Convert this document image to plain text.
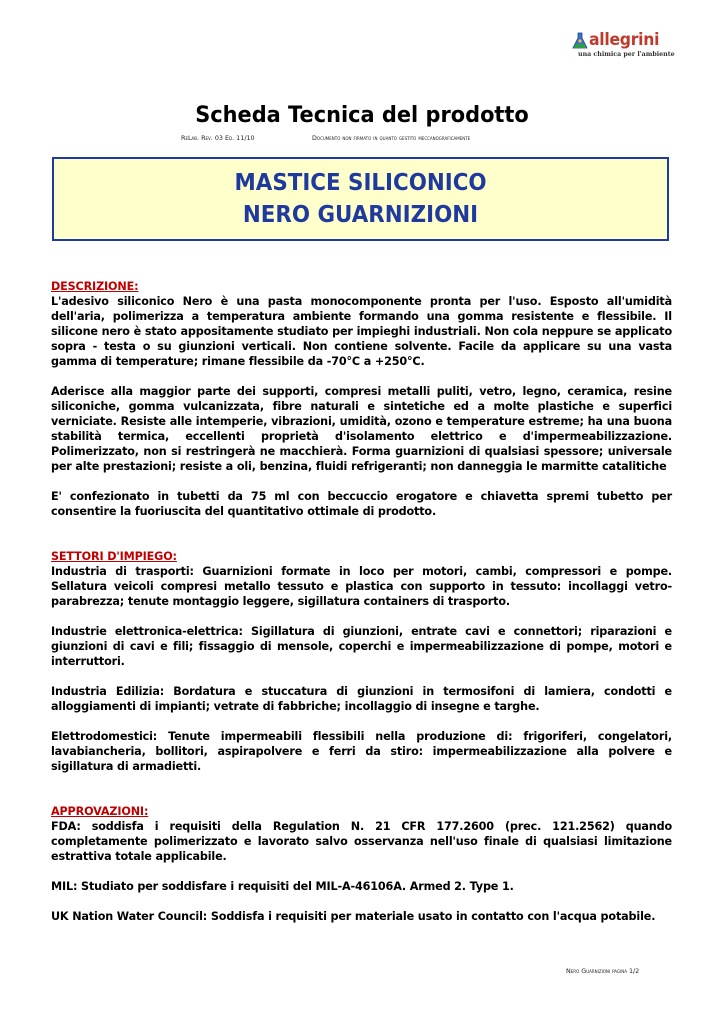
allegrini
una chimica per l'ambiente
Scheda Tecnica del prodotto
ReLab. Rev. 03 Ed. 11/10	Documento non firmato in quanto gestito meccanograficamente
MASTICE SILICONICO
NERO GUARNIZIONI
DESCRIZIONE:

L'adesivo siliconico Nero è una pasta monocomponente pronta per l'uso. Esposto all'umidità dell'aria, polimerizza a temperatura ambiente formando una gomma resistente e flessibile. Il silicone nero è stato appositamente studiato per impieghi industriali. Non cola neppure se applicato sopra - testa o su giunzioni verticali. Non contiene solvente. Facile da applicare su una vasta gamma di temperature; rimane flessibile da -70°C a +250°C.

Aderisce alla maggior parte dei supporti, compresi metalli puliti, vetro, legno, ceramica, resine siliconiche, gomma vulcanizzata, fibre naturali e sintetiche ed a molte plastiche e superfici verniciate. Resiste alle intemperie, vibrazioni, umidità, ozono e temperature estreme; ha una buona stabilità termica, eccellenti proprietà d'isolamento elettrico e d'impermeabilizzazione. Polimerizzato, non si restringerà ne macchierà. Forma guarnizioni di qualsiasi spessore; universale per alte prestazioni; resiste a oli, benzina, fluidi refrigeranti; non danneggia le marmitte catalitiche

E' confezionato in tubetti da 75 ml con beccuccio erogatore e chiavetta spremi tubetto per consentire la fuoriuscita del quantitativo ottimale di prodotto.

SETTORI D'IMPIEGO:

Industria di trasporti: Guarnizioni formate in loco per motori, cambi, compressori e pompe. Sellatura veicoli compresi metallo tessuto e plastica con supporto in tessuto: incollaggi vetro-parabrezza; tenute montaggio leggere, sigillatura containers di trasporto.

Industrie elettronica-elettrica: Sigillatura di giunzioni, entrate cavi e connettori; riparazioni e giunzioni di cavi e fili; fissaggio di mensole, coperchi e impermeabilizzazione di pompe, motori e interruttori.

Industria Edilizia: Bordatura e stuccatura di giunzioni in termosifoni di lamiera, condotti e alloggiamenti di impianti; vetrate di fabbriche; incollaggio di insegne e targhe.

Elettrodomestici: Tenute impermeabili flessibili nella produzione di: frigoriferi, congelatori, lavabiancheria, bollitori, aspirapolvere e ferri da stiro: impermeabilizzazione alla polvere e sigillatura di armadietti.

APPROVAZIONI:

FDA: soddisfa i requisiti della Regulation N. 21 CFR 177.2600 (prec. 121.2562) quando completamente polimerizzato e lavorato salvo osservanza nell'uso finale di qualsiasi limitazione estrattiva totale applicabile.

MIL: Studiato per soddisfare i requisiti del MIL-A-46106A. Armed 2. Type 1.

UK Nation Water Council: Soddisfa i requisiti per materiale usato in contatto con l'acqua potabile.

Nero Guarnizioni pagina 1/2
